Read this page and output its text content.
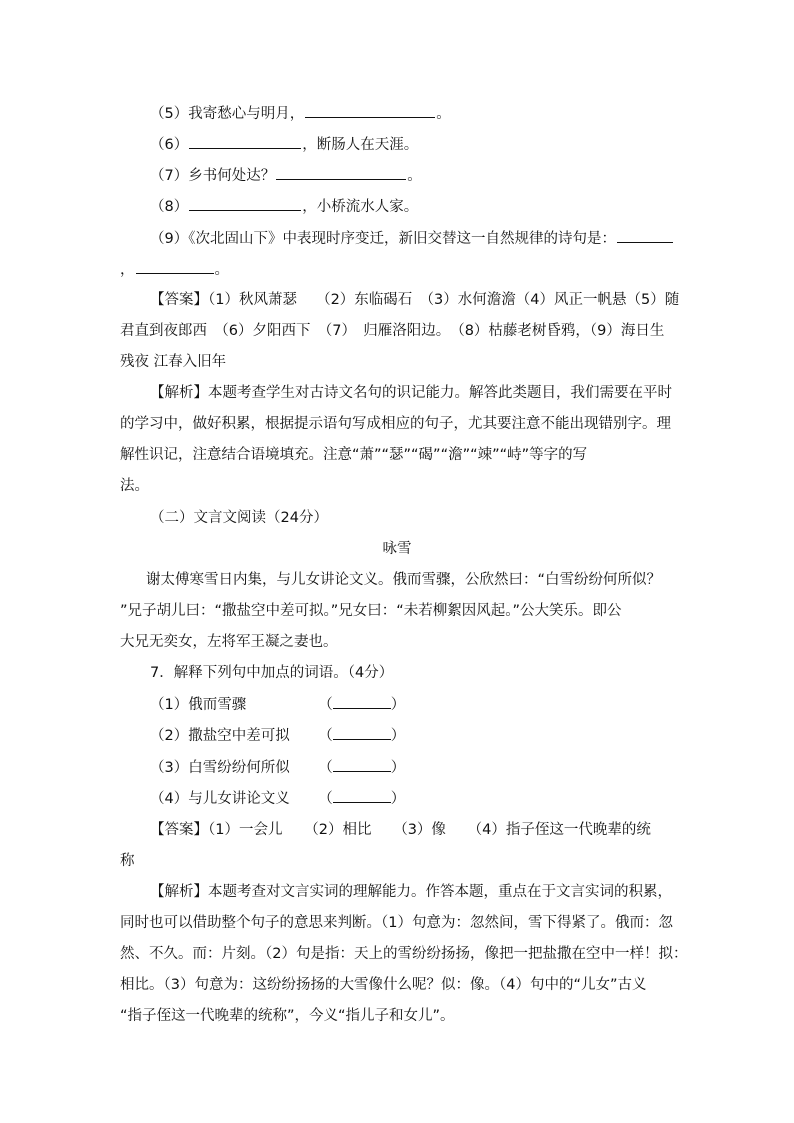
（5）我寄愁心与明月，	。
（6）	，断肠人在天涯。
（7）乡书何处达？	。
（8）	，小桥流水人家。
（9）《次北固山下》中表现时序变迁，新旧交替这一自然规律的诗句是：
，	。
【答案】（1）秋风萧瑟　 （2）东临碣石　（3）水何澹澹（4）风正一帆悬（5）随
君直到夜郎西　（6）夕阳西下　（7）　归雁洛阳边。　（8）枯藤老树昏鸦，（9）海日生
残夜 江春入旧年
【解析】本题考查学生对古诗文名句的识记能力。解答此类题目，我们需要在平时
的学习中，做好积累，根据提示语句写成相应的句子，尤其要注意不能出现错别字。理
解性识记，注意结合语境填充。注意“萧”“瑟”“碣”“澹”“竦”“峙”等字的写
法。
（二）文言文阅读（24分）
咏雪
谢太傅寒雪日内集，与儿女讲论文义。俄而雪骤，公欣然曰：“白雪纷纷何所似？
”兄子胡儿曰：“撒盐空中差可拟。”兄女曰：“未若柳絮因风起。”公大笑乐。即公
大兄无奕女，左将军王凝之妻也。
7．解释下列句中加点的词语。（4分）
（1）俄而雪骤	（	）
（2）撒盐空中差可拟 （	）
（3）白雪纷纷何所似 （	）
（4）与儿女讲论文义 （	）
【答案】（1）一会儿　　（2）相比　　（3）像　　（4）指子侄这一代晚辈的统
称
【解析】本题考查对文言实词的理解能力。作答本题，重点在于文言实词的积累，
同时也可以借助整个句子的意思来判断。（1）句意为：忽然间，雪下得紧了。俄而：忽
然、不久。而：片刻。（2）句是指：天上的雪纷纷扬扬，像把一把盐撒在空中一样！拟：
相比。（3）句意为：这纷纷扬扬的大雪像什么呢？似：像。（4）句中的“儿女”古义
“指子侄这一代晚辈的统称”，今义“指儿子和女儿”。
